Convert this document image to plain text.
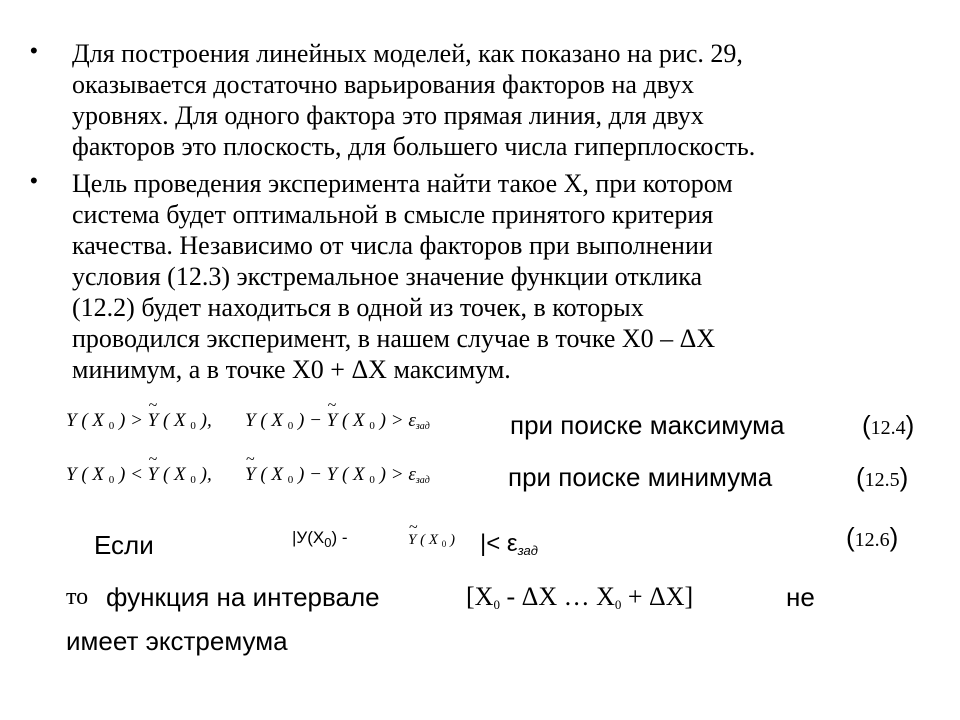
• Для построения линейных моделей, как показано на рис. 29,
оказывается достаточно варьирования факторов на двух
уровнях. Для одного фактора это прямая линия, для двух
факторов это плоскость, для большего числа гиперплоскость.
• Цель проведения эксперимента найти такое Х, при котором
система будет оптимальной в смысле принятого критерия
качества. Независимо от числа факторов при выполнении
условия (12.3) экстремальное значение функции отклика
(12.2) будет находиться в одной из точек, в которых
проводился эксперимент, в нашем случае в точке X0 – ΔX
минимум, а в точке X0 + ΔX максимум.
Y ( X $_0$ ) > ~ Y ( X $_0$ ),       Y ( X $_0$ ) − ~ Y ( X $_0$ ) > εзад	при поиске максимума	(12.4)
Y ( X $_0$ ) < ~ Y ( X $_0$ ),       ~ Y ( X $_0$ ) − Y ( X $_0$ ) > εзад	при поиске минимума	(12.5)
Если	$|У(Х_0)$ -
~	Y ( X $_0$ ) |< εзад	(12.6)
то функция на интервале	[X0 - ΔX … X0 + ΔX]	не
имеет экстремума
